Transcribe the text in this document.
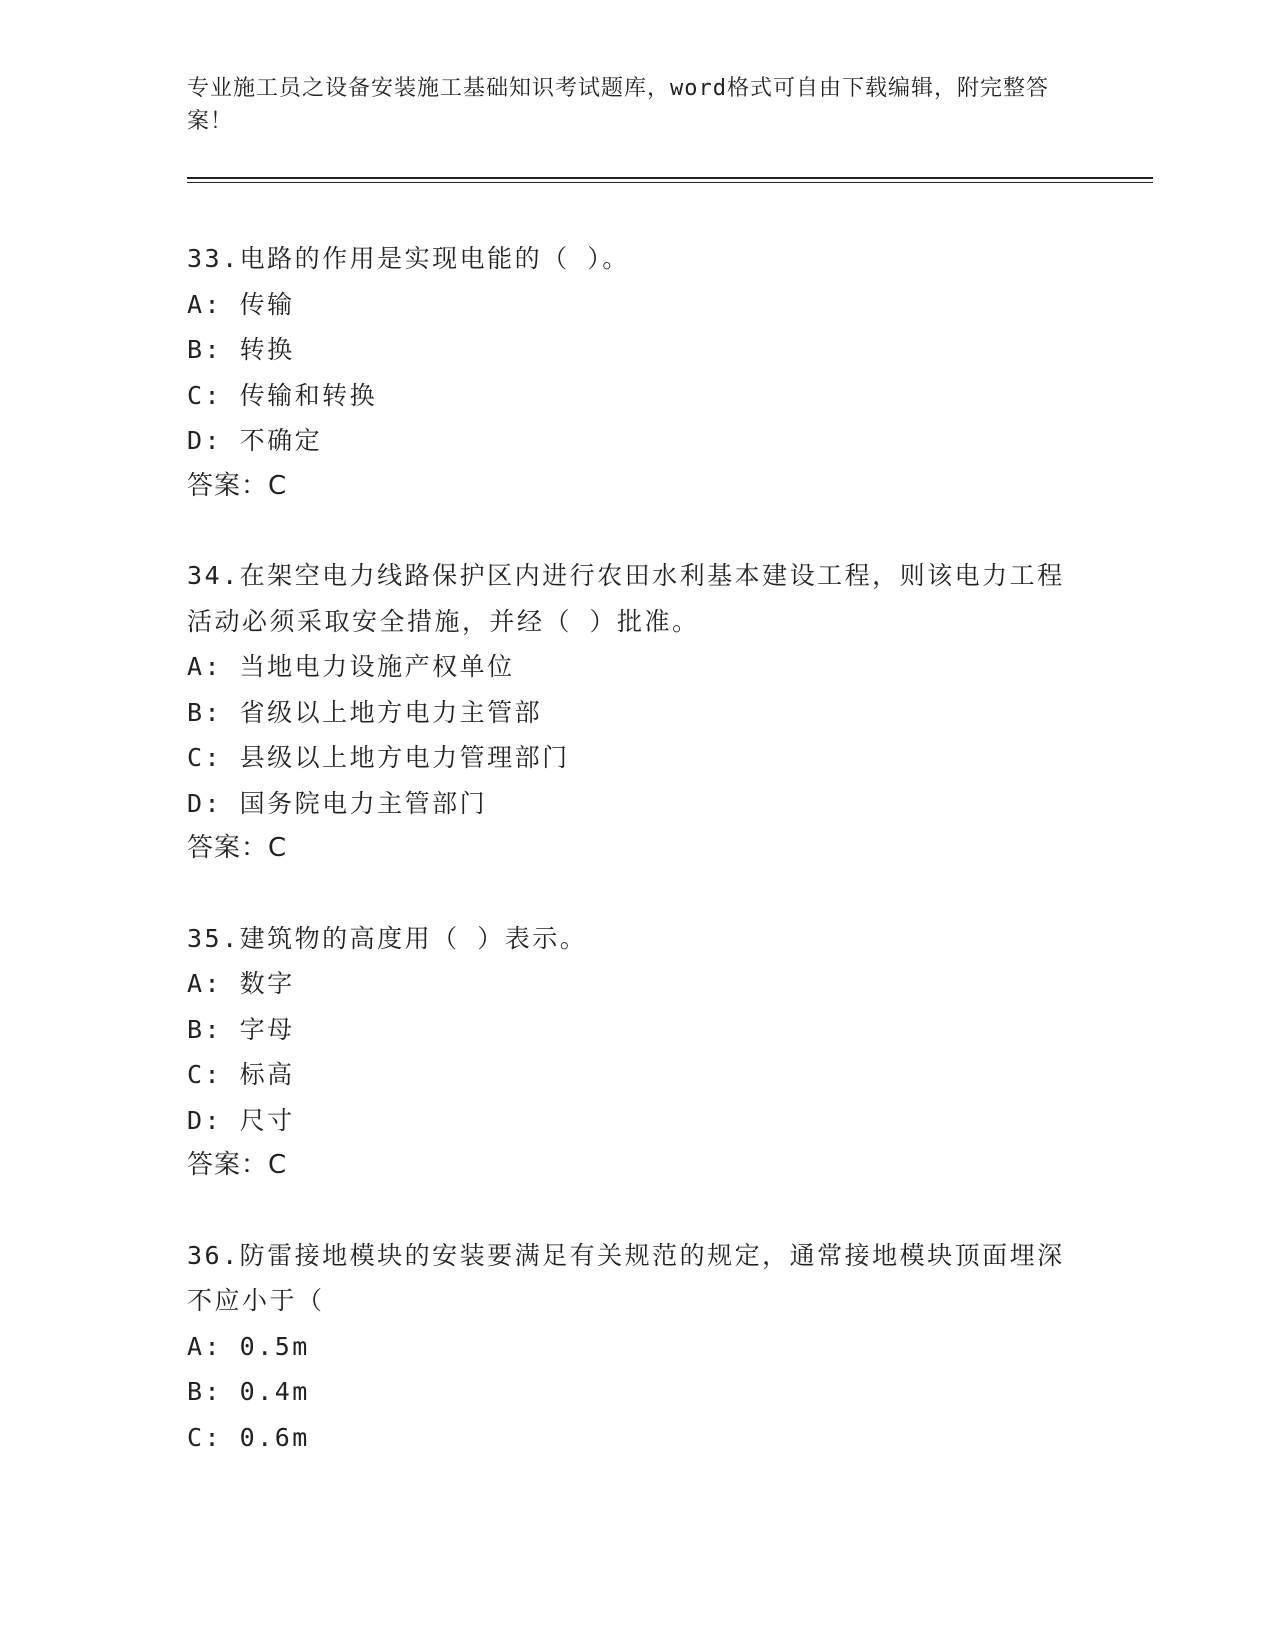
专业施工员之设备安装施工基础知识考试题库，word格式可自由下载编辑，附完整答案！
33.电路的作用是实现电能的（ ）。
A: 传输
B: 转换
C: 传输和转换
D: 不确定
答案：C
34.在架空电力线路保护区内进行农田水利基本建设工程，则该电力工程活动必须采取安全措施，并经（ ）批准。
A: 当地电力设施产权单位
B: 省级以上地方电力主管部
C: 县级以上地方电力管理部门
D: 国务院电力主管部门
答案：C
35.建筑物的高度用（ ）表示。
A: 数字
B: 字母
C: 标高
D: 尺寸
答案：C
36.防雷接地模块的安装要满足有关规范的规定，通常接地模块顶面埋深不应小于（
A: 0.5m
B: 0.4m
C: 0.6m
